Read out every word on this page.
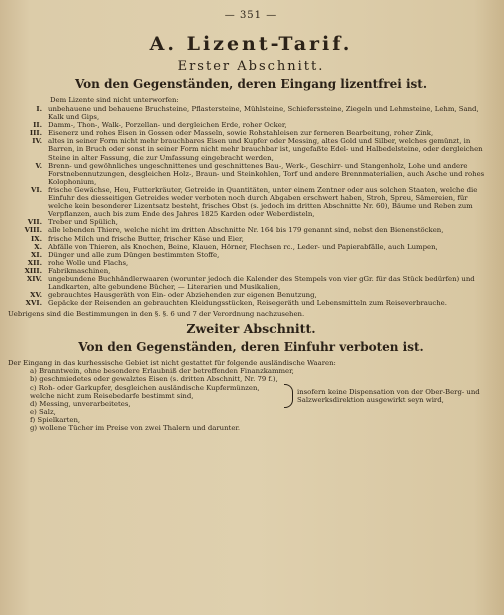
— 351 —
A. Lizent-Tarif.
Erster Abschnitt.
Von den Gegenständen, deren Eingang lizentfrei ist.
Dem Lizente sind nicht unterworfen:
I. unbehauene und behauene Bruchsteine, Pflastersteine, Mühlsteine, Schieferssteine, Ziegeln und Lehmsteine, Lehm, Sand, Kalk und Gips,
II. Damm-, Thon-, Walk-, Porzellan- und dergleichen Erde, roher Ocker,
III. Eisenerz und rohes Eisen in Gossen oder Masseln, sowie Rohstahleisen zur ferneren Bearbeitung, roher Zink,
IV. altes in seiner Form nicht mehr brauchbares Eisen und Kupfer oder Messing, altes Gold und Silber, welches gemünzt, in Barren, in Bruch oder sonst in seiner Form nicht mehr brauchbar ist, ungefaßte Edel- und Halbedelsteine, oder dergleichen Steine in alter Fassung, die zur Umfassung eingebracht werden,
V. Brenn- und gewöhnliches ungeschnittenes und geschnittenes Bau-, Werk-, Geschirr- und Stangenholz, Lohe und andere Forstnebennutzungen, desgleichen Holz-, Braun- und Steinkohlen, Torf und andere Brennmaterialien, auch Asche und rohes Kolophonium,
VI. frische Gewächse, Heu, Futterkräuter, Getreide in Quantitäten, unter einem Zentner oder aus solchen Staaten, welche die Einfuhr des diesseitigen Getreides weder verboten noch durch Abgaben erschwert haben, Stroh, Spreu, Sämereien, für welche kein besonderer Lizentsatz besteht, frisches Obst (s. jedoch im dritten Abschnitte Nr. 60), Bäume und Reben zum Verpflanzen, auch bis zum Ende des Jahres 1825 Karden oder Weberdisteln,
VII. Treber und Spülich,
VIII. alle lebenden Thiere, welche nicht im dritten Abschnitte Nr. 164 bis 179 genannt sind, nebst den Bienenstöcken,
IX. frische Milch und frische Butter, frischer Käse und Eier,
X. Abfälle von Thieren, als Knochen, Beine, Klauen, Hörner, Flechsen rc., Leder- und Papierabfälle, auch Lumpen,
XI. Dünger und alle zum Düngen bestimmten Stoffe,
XII. rohe Wolle und Flachs,
XIII. Fabrikmaschinen,
XIV. ungebundene Buchhändlerwaaren (worunter jedoch die Kalender des Stempels von vier gGr. für das Stück bedürfen) und Landkarten, alte gebundene Bücher, — Literarien und Musikalien,
XV. gebrauchtes Hausgeräth von Ein- oder Abziehenden zur eigenen Benutzung,
XVI. Gepäcke der Reisenden an gebrauchten Kleidungsstücken, Reisegeräth und Lebensmitteln zum Reiseverbrauche.
Uebrigens sind die Bestimmungen in den §. §. 6 und 7 der Verordnung nachzusehen.
Zweiter Abschnitt.
Von den Gegenständen, deren Einfuhr verboten ist.
Der Eingang in das kurhessische Gebiet ist nicht gestattet für folgende ausländische Waaren:
a) Branntwein, ohne besondere Erlaubniß der betreffenden Finanzkammer,
b) geschmiedetes oder gewalztes Eisen (s. dritten Abschnitt, Nr. 79 f.),
c) Roh- oder Garkupfer, desgleichen ausländische Kupfermünzen, welche nicht zum Reisebedarfe bestimmt sind,
d) Messing, unverarbeitetes,
insofern keine Dispensation von der Ober-Berg- und Salzwerksdirektion ausgewirkt seyn wird,
e) Salz,
f) Spielkarten,
g) wollene Tücher im Preise von zwei Thalern und darunter.
